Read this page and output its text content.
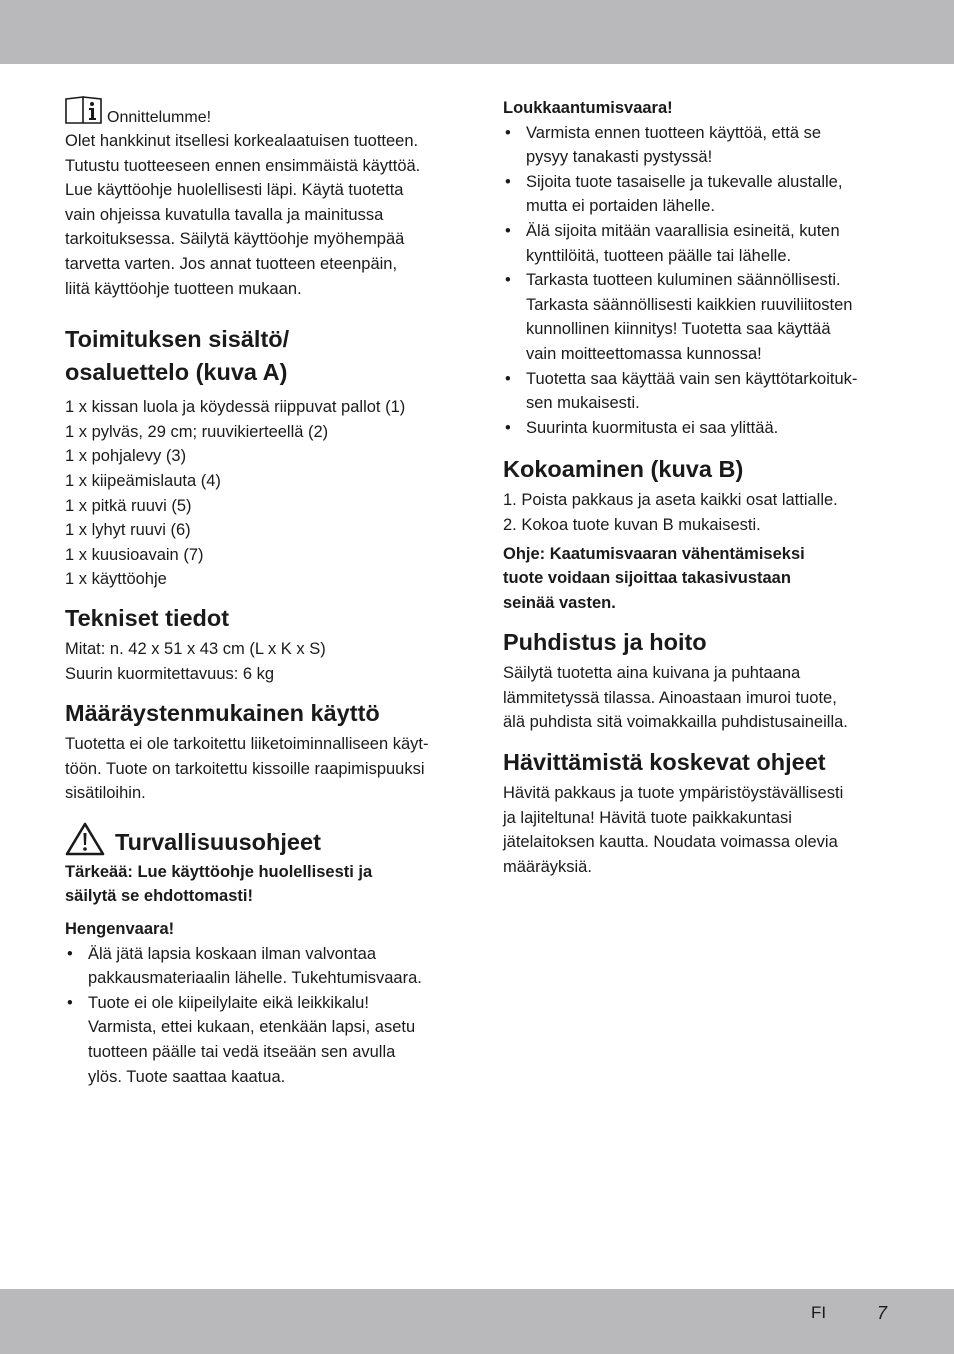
Onnittelumme!

Olet hankkinut itsellesi korkealaatuisen tuotteen.

Tutustu tuotteeseen ennen ensimmäistä käyttöä.

Lue käyttöohje huolellisesti läpi. Käytä tuotetta

vain ohjeissa kuvatulla tavalla ja mainitussa

tarkoituksessa. Säilytä käyttöohje myöhempää

tarvetta varten. Jos annat tuotteen eteenpäin,

liitä käyttöohje tuotteen mukaan.

Toimituksen sisältö/
osaluettelo (kuva A)

1 x kissan luola ja köydessä riippuvat pallot (1)

1 x pylväs, 29 cm; ruuvikierteellä (2)

1 x pohjalevy (3)

1 x kiipeämislauta (4)

1 x pitkä ruuvi (5)

1 x lyhyt ruuvi (6)

1 x kuusioavain (7)

1 x käyttöohje

Tekniset tiedot

Mitat: n. 42 x 51 x 43 cm (L x K x S)

Suurin kuormitettavuus: 6 kg

Määräystenmukainen käyttö

Tuotetta ei ole tarkoitettu liiketoiminnalliseen käyt-

töön. Tuote on tarkoitettu kissoille raapimispuuksi

sisätiloihin.

Turvallisuusohjeet

Tärkeää: Lue käyttöohje huolellisesti ja

säilytä se ehdottomasti!

Hengenvaara!

• Älä jätä lapsia koskaan ilman valvontaa
pakkausmateriaalin lähelle. Tukehtumisvaara.
• Tuote ei ole kiipeilylaite eikä leikkikalu!
Varmista, ettei kukaan, etenkään lapsi, asetu
tuotteen päälle tai vedä itseään sen avulla
ylös. Tuote saattaa kaatua.

Loukkaantumisvaara!

• Varmista ennen tuotteen käyttöä, että se
pysyy tanakasti pystyssä!
• Sijoita tuote tasaiselle ja tukevalle alustalle,
mutta ei portaiden lähelle.
• Älä sijoita mitään vaarallisia esineitä, kuten
kynttilöitä, tuotteen päälle tai lähelle.
• Tarkasta tuotteen kuluminen säännöllisesti.
Tarkasta säännöllisesti kaikkien ruuviliitosten
kunnollinen kiinnitys! Tuotetta saa käyttää
vain moitteettomassa kunnossa!
• Tuotetta saa käyttää vain sen käyttötarkoituk-
sen mukaisesti.
• Suurinta kuormitusta ei saa ylittää.
Kokoaminen (kuva B)

1. Poista pakkaus ja aseta kaikki osat lattialle.

2. Kokoa tuote kuvan B mukaisesti.

Ohje: Kaatumisvaaran vähentämiseksi

tuote voidaan sijoittaa takasivustaan

seinää vasten.

Puhdistus ja hoito

Säilytä tuotetta aina kuivana ja puhtaana

lämmitetyssä tilassa. Ainoastaan imuroi tuote,

älä puhdista sitä voimakkailla puhdistusaineilla.

Hävittämistä koskevat ohjeet

Hävitä pakkaus ja tuote ympäristöystävällisesti

ja lajiteltuna! Hävitä tuote paikkakuntasi

jätelaitoksen kautta. Noudata voimassa olevia

määräyksiä.

FI	7
